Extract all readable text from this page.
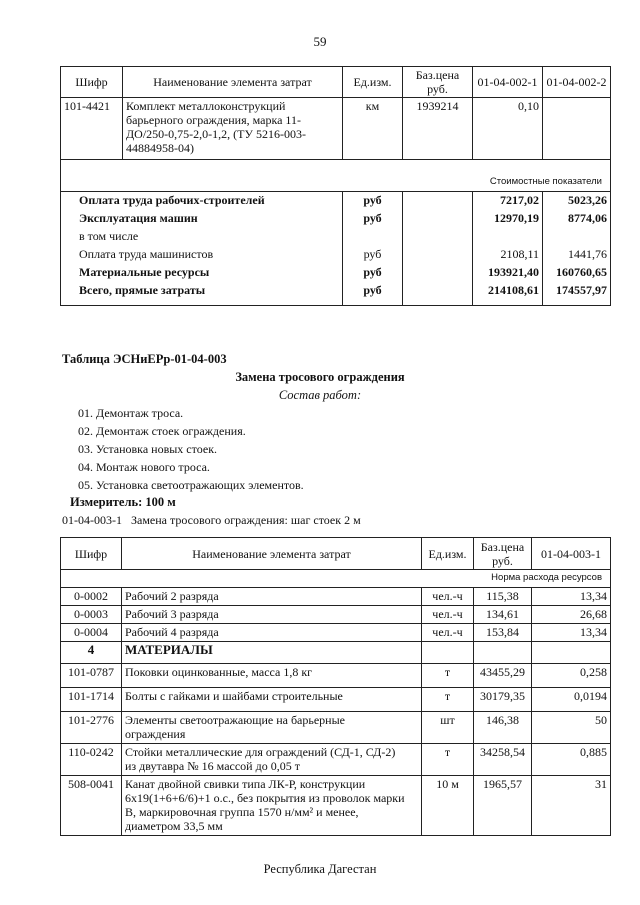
59
Шифр	Наименование элемента затрат	Ед.изм.	Баз.цена руб.	01-04-002-1	01-04-002-2
101-4421	Комплект металлоконструкций
барьерного ограждения, марка 11-
ДО/250-0,75-2,0-1,2, (ТУ 5216-003-
44884958-04)	км	1939214	0,10	

Стоимостные показатели					
Оплата труда рабочих-строителей		руб		7217,02	5023,26
Эксплуатация машин		руб		12970,19	8774,06
в том числе					
Оплата труда машинистов		руб		2108,11	1441,76
Материальные ресурсы		руб		193921,40	160760,65
Всего, прямые затраты		руб		214108,61	174557,97
Таблица ЭСНиЕРр-01-04-003
Замена тросового ограждения
Состав работ:
01. Демонтаж троса.
02. Демонтаж стоек ограждения.
03. Установка новых стоек.
04. Монтаж нового троса.
05. Установка светоотражающих элементов.
Измеритель: 100 м
01-04-003-1   Замена тросового ограждения: шаг стоек 2 м
Шифр	Наименование элемента затрат	Ед.изм.	Баз.цена руб.	01-04-003-1
Норма расхода ресурсов				
0-0002	Рабочий 2 разряда	чел.-ч	115,38	13,34
0-0003	Рабочий 3 разряда	чел.-ч	134,61	26,68
0-0004	Рабочий 4 разряда	чел.-ч	153,84	13,34
4	МАТЕРИАЛЫ			
101-0787	Поковки оцинкованные, масса 1,8 кг	т	43455,29	0,258
101-1714	Болты с гайками и шайбами строительные	т	30179,35	0,0194
101-2776	Элементы светоотражающие на барьерные
ограждения	шт	146,38	50
110-0242	Стойки металлические для ограждений (СД-1, СД-2)
из двутавра № 16 массой до 0,05 т	т	34258,54	0,885
508-0041	Канат двойной свивки типа ЛК-Р, конструкции
6х19(1+6+6/6)+1 о.с., без покрытия из проволок марки
В, маркировочная группа 1570 н/мм² и менее,
диаметром 33,5 мм	10 м	1965,57	31
Республика Дагестан
